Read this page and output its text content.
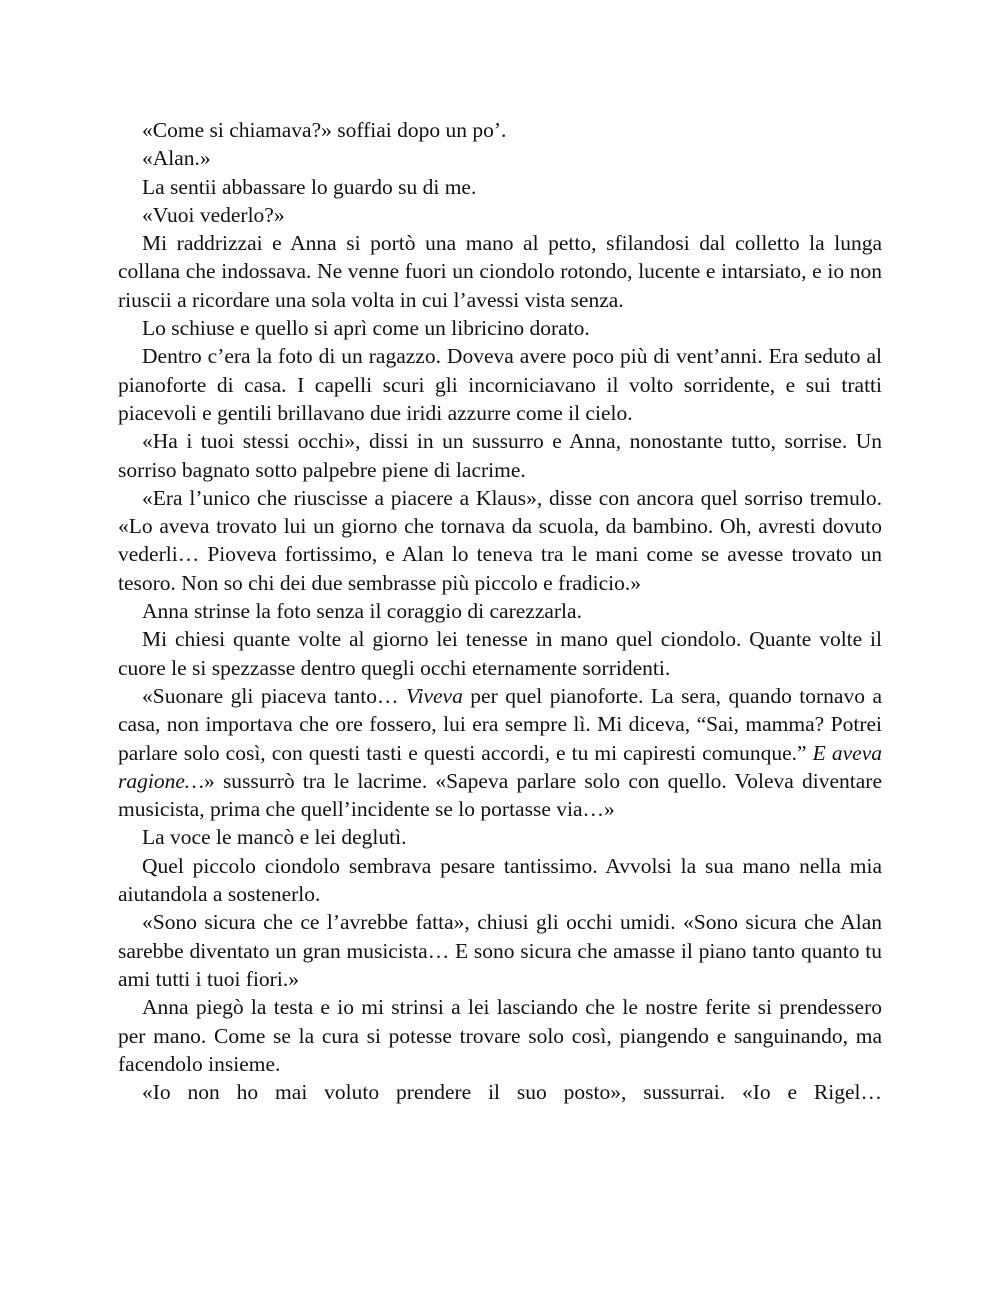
«Come si chiamava?» soffiai dopo un po’.

«Alan.»

La sentii abbassare lo guardo su di me.

«Vuoi vederlo?»

Mi raddrizzai e Anna si portò una mano al petto, sfilandosi dal colletto la lunga collana che indossava. Ne venne fuori un ciondolo rotondo, lucente e intarsiato, e io non riuscii a ricordare una sola volta in cui l’avessi vista senza.

Lo schiuse e quello si aprì come un libricino dorato.

Dentro c’era la foto di un ragazzo. Doveva avere poco più di vent’anni. Era seduto al pianoforte di casa. I capelli scuri gli incorniciavano il volto sorridente, e sui tratti piacevoli e gentili brillavano due iridi azzurre come il cielo.

«Ha i tuoi stessi occhi», dissi in un sussurro e Anna, nonostante tutto, sorrise. Un sorriso bagnato sotto palpebre piene di lacrime.

«Era l’unico che riuscisse a piacere a Klaus», disse con ancora quel sorriso tremulo. «Lo aveva trovato lui un giorno che tornava da scuola, da bambino. Oh, avresti dovuto vederli… Pioveva fortissimo, e Alan lo teneva tra le mani come se avesse trovato un tesoro. Non so chi dei due sembrasse più piccolo e fradicio.»

Anna strinse la foto senza il coraggio di carezzarla.

Mi chiesi quante volte al giorno lei tenesse in mano quel ciondolo. Quante volte il cuore le si spezzasse dentro quegli occhi eternamente sorridenti.

«Suonare gli piaceva tanto… Viveva per quel pianoforte. La sera, quando tornavo a casa, non importava che ore fossero, lui era sempre lì. Mi diceva, “Sai, mamma? Potrei parlare solo così, con questi tasti e questi accordi, e tu mi capiresti comunque.” E aveva ragione…» sussurrò tra le lacrime. «Sapeva parlare solo con quello. Voleva diventare musicista, prima che quell’incidente se lo portasse via…»

La voce le mancò e lei deglutì.

Quel piccolo ciondolo sembrava pesare tantissimo. Avvolsi la sua mano nella mia aiutandola a sostenerlo.

«Sono sicura che ce l’avrebbe fatta», chiusi gli occhi umidi. «Sono sicura che Alan sarebbe diventato un gran musicista… E sono sicura che amasse il piano tanto quanto tu ami tutti i tuoi fiori.»

Anna piegò la testa e io mi strinsi a lei lasciando che le nostre ferite si prendessero per mano. Come se la cura si potesse trovare solo così, piangendo e sanguinando, ma facendolo insieme.

«Io non ho mai voluto prendere il suo posto», sussurrai. «Io e Rigel…
